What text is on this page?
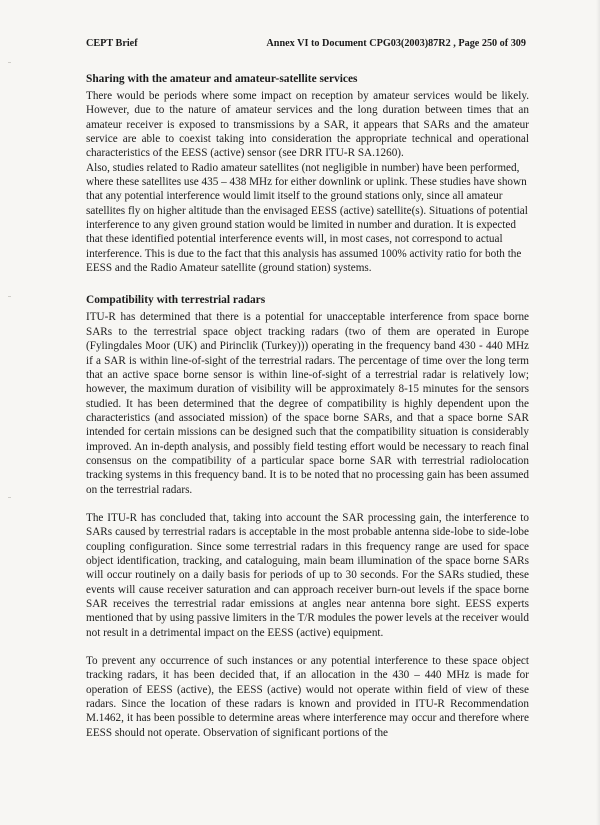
CEPT Brief	Annex VI to Document CPG03(2003)87R2 , Page 250 of 309
Sharing with the amateur and amateur-satellite services

There would be periods where some impact on reception by amateur services would be likely. However, due to the nature of amateur services and the long duration between times that an amateur receiver is exposed to transmissions by a SAR, it appears that SARs and the amateur service are able to coexist taking into consideration the appropriate technical and operational characteristics of the EESS (active) sensor (see DRR ITU-R SA.1260).

Also, studies related to Radio amateur satellites (not negligible in number) have been performed, where these satellites use 435 – 438 MHz for either downlink or uplink. These studies have shown that any potential interference would limit itself to the ground stations only, since all amateur satellites fly on higher altitude than the envisaged EESS (active) satellite(s). Situations of potential interference to any given ground station would be limited in number and duration. It is expected that these identified potential interference events will, in most cases, not correspond to actual interference. This is due to the fact that this analysis has assumed 100% activity ratio for both the EESS and the Radio Amateur satellite (ground station) systems.

Compatibility with terrestrial radars

ITU-R has determined that there is a potential for unacceptable interference from space borne SARs to the terrestrial space object tracking radars (two of them are operated in Europe (Fylingdales Moor (UK) and Pirinclik (Turkey))) operating in the frequency band 430 - 440 MHz if a SAR is within line-of-sight of the terrestrial radars. The percentage of time over the long term that an active space borne sensor is within line-of-sight of a terrestrial radar is relatively low; however, the maximum duration of visibility will be approximately 8-15 minutes for the sensors studied. It has been determined that the degree of compatibility is highly dependent upon the characteristics (and associated mission) of the space borne SARs, and that a space borne SAR intended for certain missions can be designed such that the compatibility situation is considerably improved. An in-depth analysis, and possibly field testing effort would be necessary to reach final consensus on the compatibility of a particular space borne SAR with terrestrial radiolocation tracking systems in this frequency band. It is to be noted that no processing gain has been assumed on the terrestrial radars.

The ITU-R has concluded that, taking into account the SAR processing gain, the interference to SARs caused by terrestrial radars is acceptable in the most probable antenna side-lobe to side-lobe coupling configuration. Since some terrestrial radars in this frequency range are used for space object identification, tracking, and cataloguing, main beam illumination of the space borne SARs will occur routinely on a daily basis for periods of up to 30 seconds. For the SARs studied, these events will cause receiver saturation and can approach receiver burn-out levels if the space borne SAR receives the terrestrial radar emissions at angles near antenna bore sight. EESS experts mentioned that by using passive limiters in the T/R modules the power levels at the receiver would not result in a detrimental impact on the EESS (active) equipment.

To prevent any occurrence of such instances or any potential interference to these space object tracking radars, it has been decided that, if an allocation in the 430 – 440 MHz is made for operation of EESS (active), the EESS (active) would not operate within field of view of these radars. Since the location of these radars is known and provided in ITU-R Recommendation M.1462, it has been possible to determine areas where interference may occur and therefore where EESS should not operate. Observation of significant portions of the
